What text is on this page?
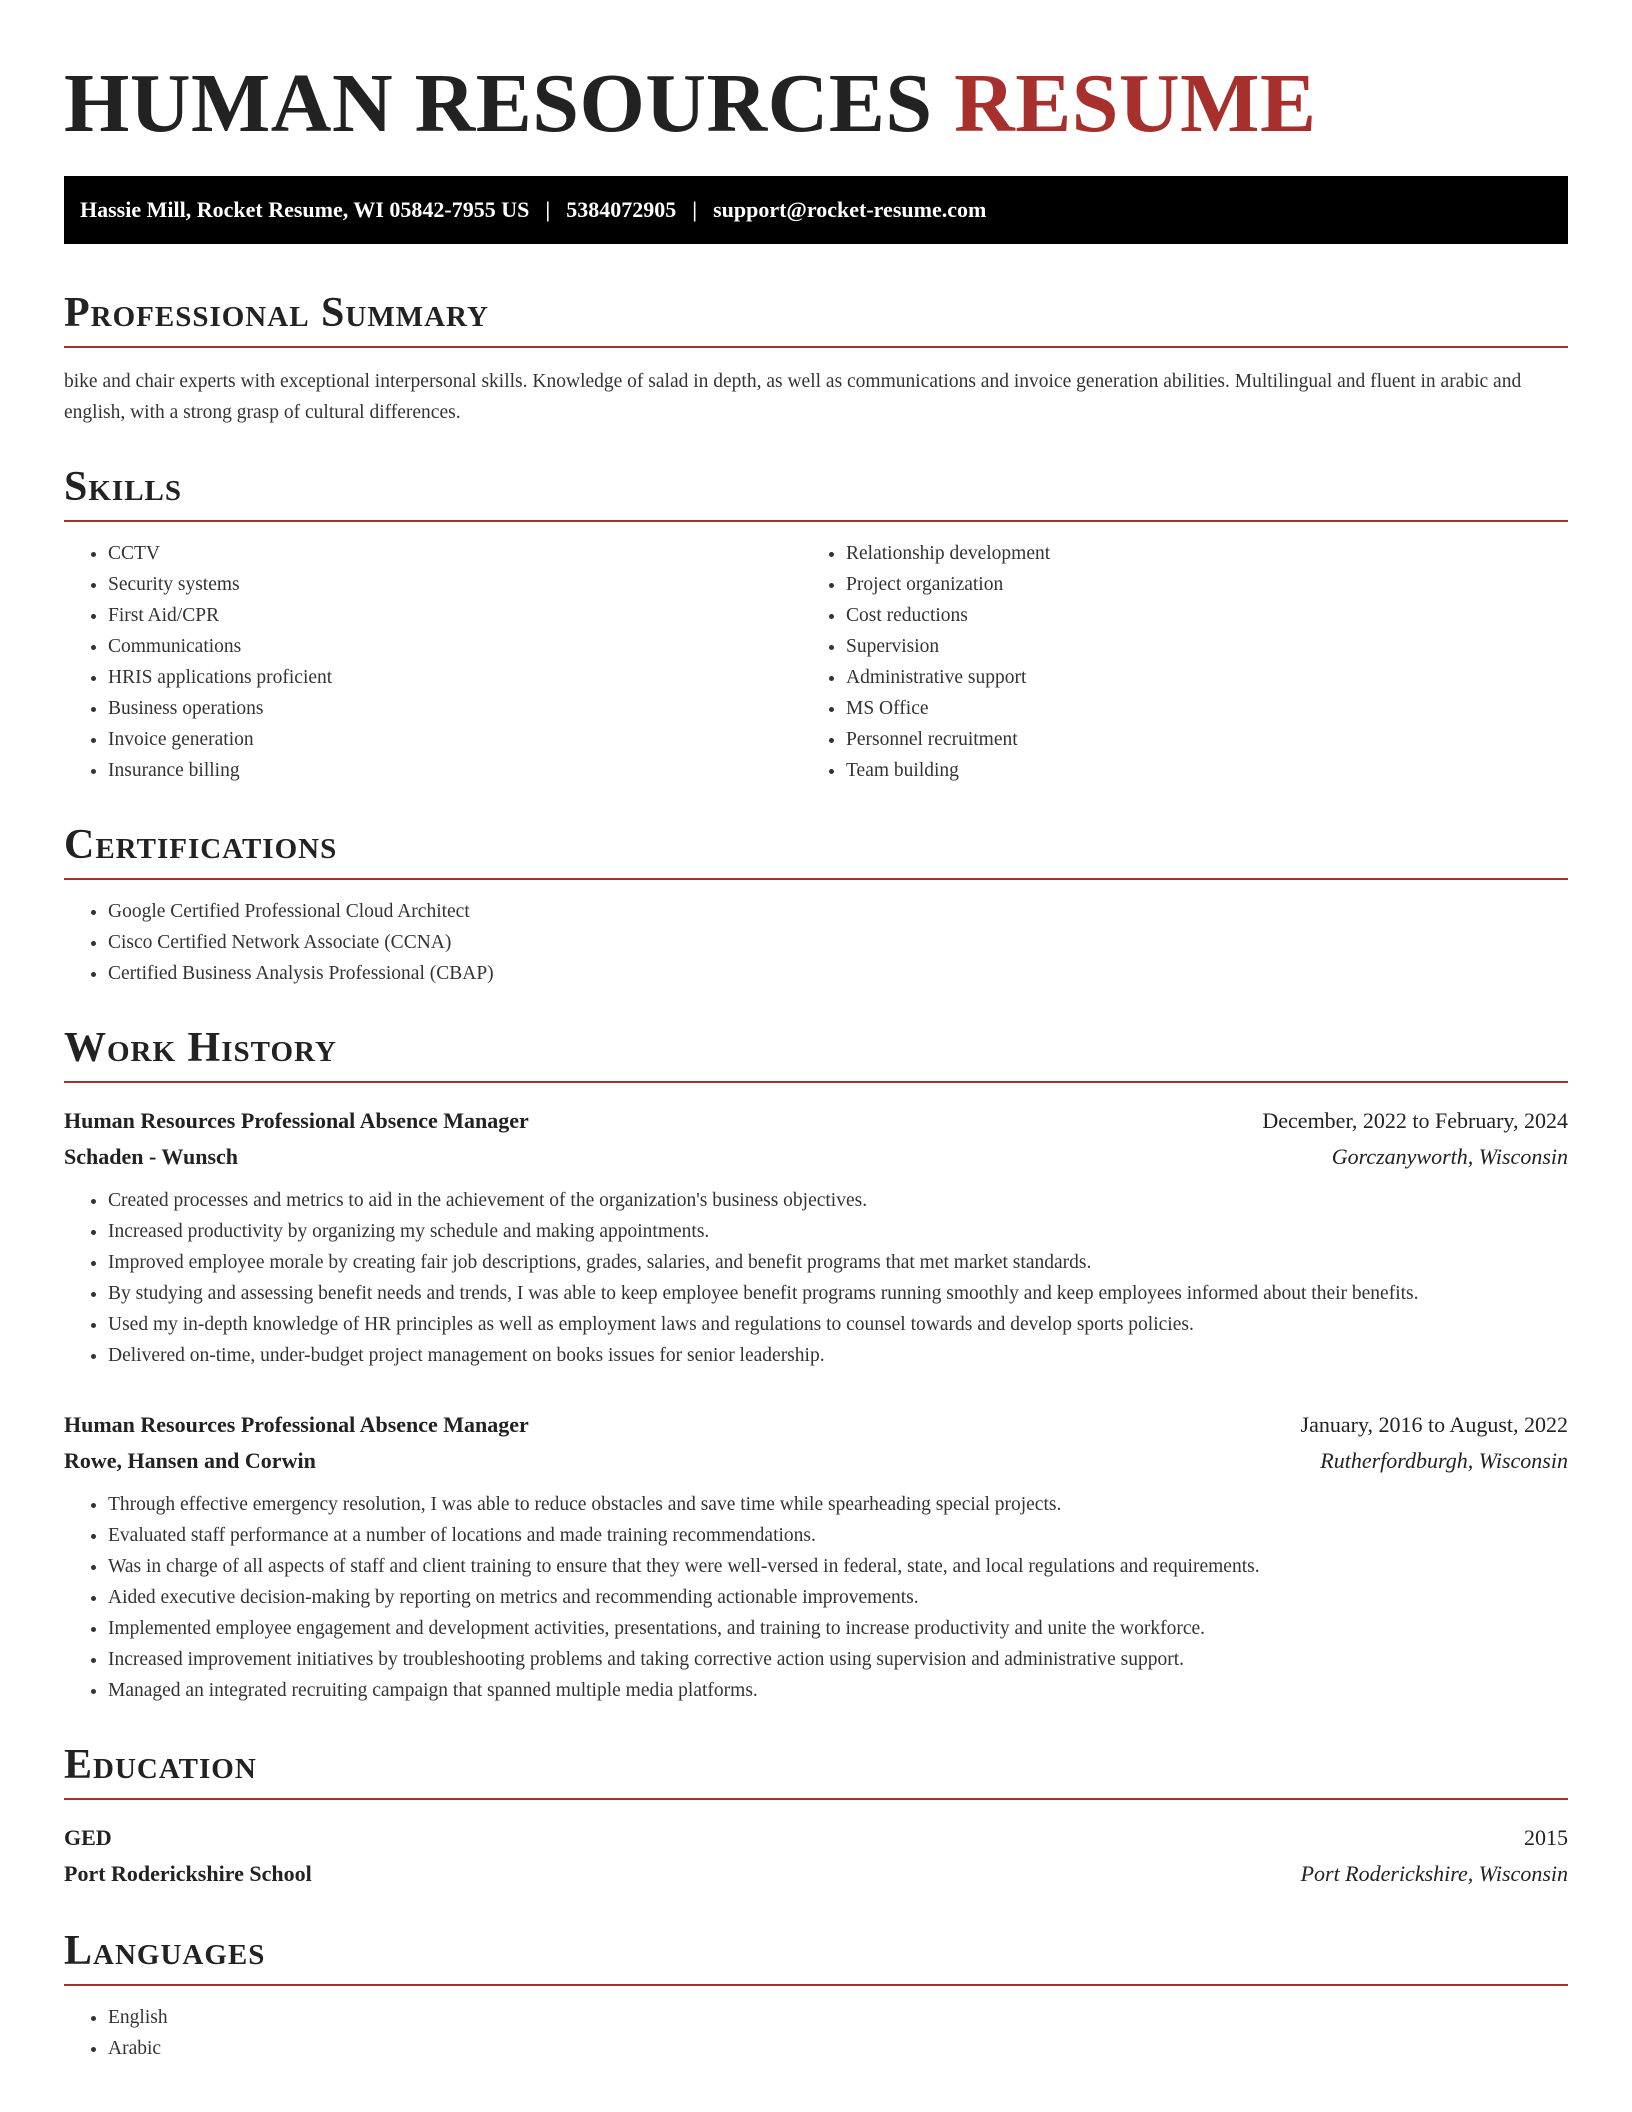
HUMAN RESOURCES RESUME
Hassie Mill, Rocket Resume, WI 05842-7955 US | 5384072905 | support@rocket-resume.com
Professional Summary

bike and chair experts with exceptional interpersonal skills. Knowledge of salad in depth, as well as communications and invoice generation abilities. Multilingual and fluent in arabic and english, with a strong grasp of cultural differences.

Skills
• CCTV
• Security systems
• First Aid/CPR
• Communications
• HRIS applications proficient
• Business operations
• Invoice generation
• Insurance billing
• Relationship development
• Project organization
• Cost reductions
• Supervision
• Administrative support
• MS Office
• Personnel recruitment
• Team building
Certifications
• Google Certified Professional Cloud Architect
• Cisco Certified Network Associate (CCNA)
• Certified Business Analysis Professional (CBAP)
Work History
Human Resources Professional Absence Manager	December, 2022 to February, 2024
Schaden - Wunsch	Gorczanyworth, Wisconsin
• Created processes and metrics to aid in the achievement of the organization's business objectives.
• Increased productivity by organizing my schedule and making appointments.
• Improved employee morale by creating fair job descriptions, grades, salaries, and benefit programs that met market standards.
• By studying and assessing benefit needs and trends, I was able to keep employee benefit programs running smoothly and keep employees informed about their benefits.
• Used my in-depth knowledge of HR principles as well as employment laws and regulations to counsel towards and develop sports policies.
• Delivered on-time, under-budget project management on books issues for senior leadership.
Human Resources Professional Absence Manager	January, 2016 to August, 2022
Rowe, Hansen and Corwin	Rutherfordburgh, Wisconsin
• Through effective emergency resolution, I was able to reduce obstacles and save time while spearheading special projects.
• Evaluated staff performance at a number of locations and made training recommendations.
• Was in charge of all aspects of staff and client training to ensure that they were well-versed in federal, state, and local regulations and requirements.
• Aided executive decision-making by reporting on metrics and recommending actionable improvements.
• Implemented employee engagement and development activities, presentations, and training to increase productivity and unite the workforce.
• Increased improvement initiatives by troubleshooting problems and taking corrective action using supervision and administrative support.
• Managed an integrated recruiting campaign that spanned multiple media platforms.
Education
GED	2015
Port Roderickshire School	Port Roderickshire, Wisconsin
Languages
• English
• Arabic
